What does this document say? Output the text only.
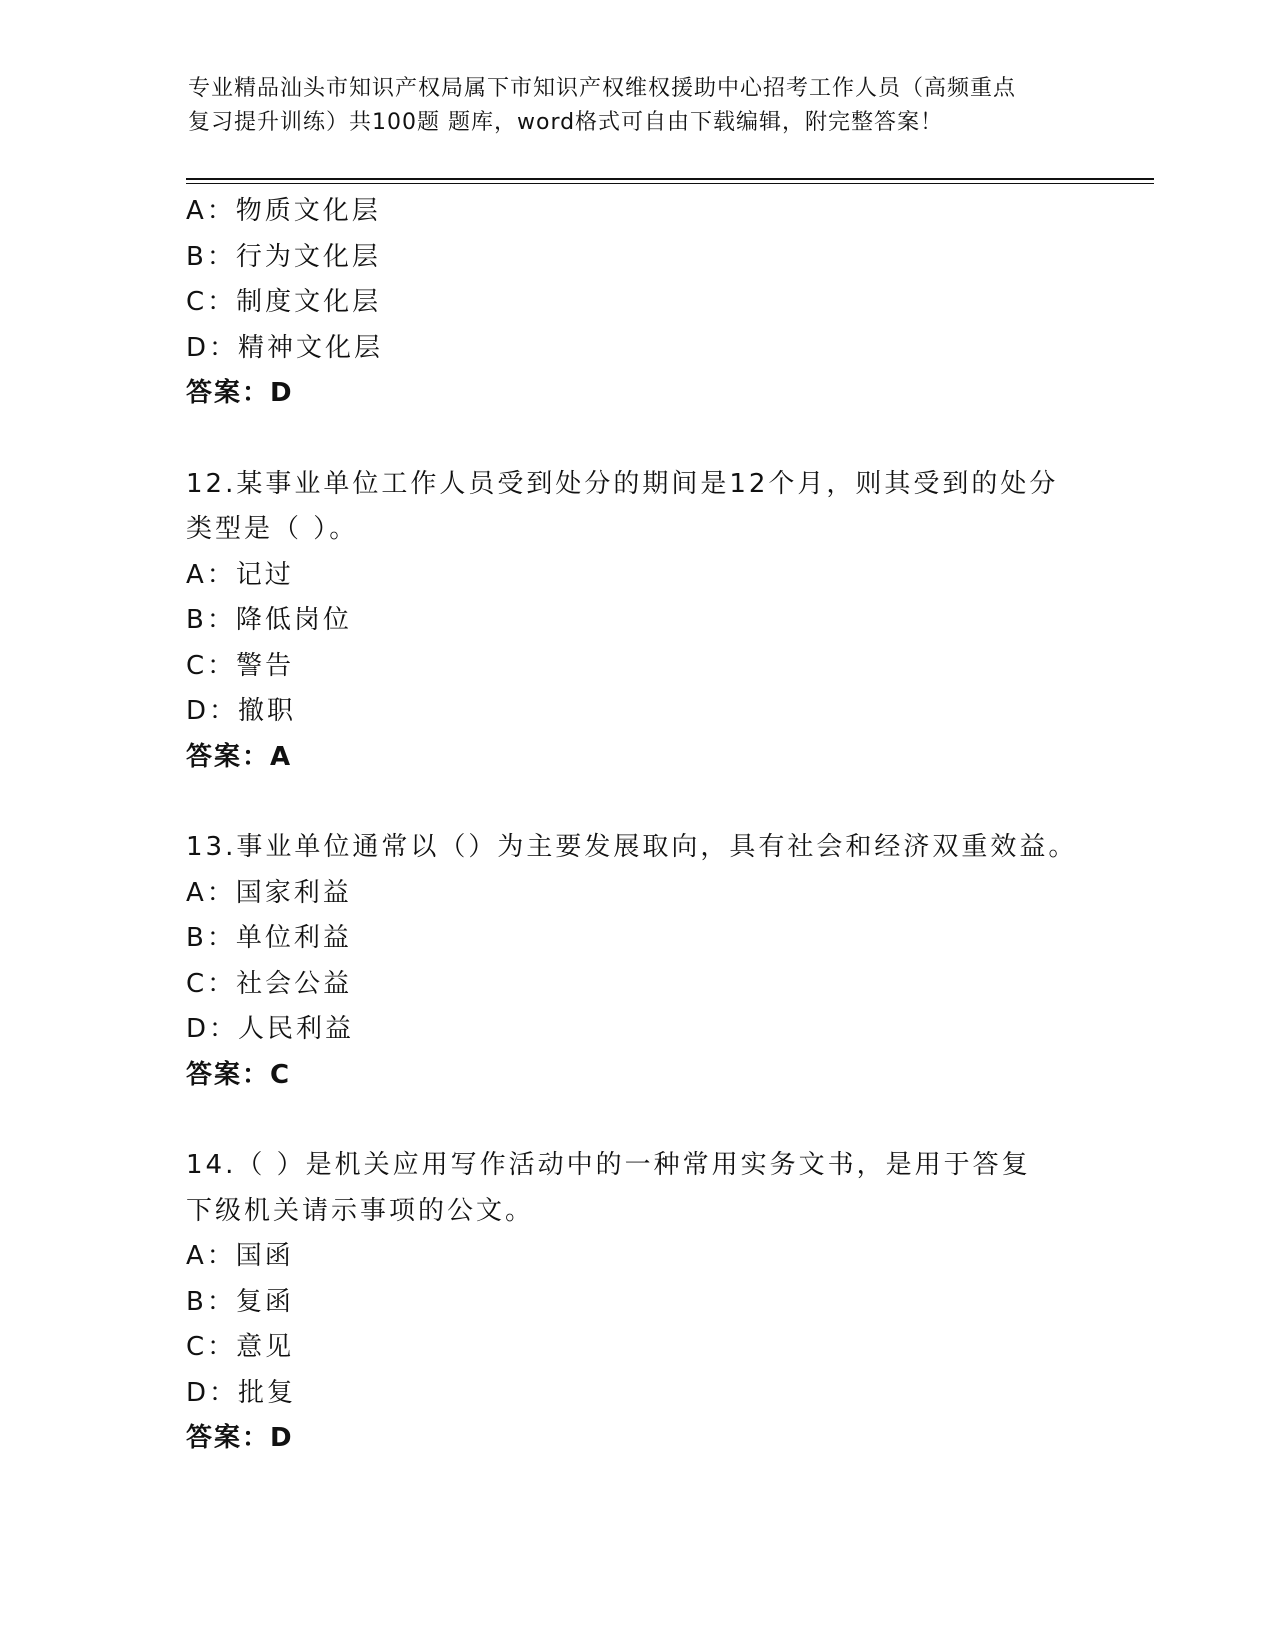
专业精品汕头市知识产权局属下市知识产权维权援助中心招考工作人员（高频重点
复习提升训练）共100题 题库，word格式可自由下载编辑，附完整答案！
A：物质文化层
B：行为文化层
C：制度文化层
D：精神文化层
答案：D
12.某事业单位工作人员受到处分的期间是12个月，则其受到的处分
类型是（ ）。
A：记过
B：降低岗位
C：警告
D：撤职
答案：A
13.事业单位通常以（）为主要发展取向，具有社会和经济双重效益。
A：国家利益
B：单位利益
C：社会公益
D：人民利益
答案：C
14.（ ）是机关应用写作活动中的一种常用实务文书，是用于答复
下级机关请示事项的公文。
A：国函
B：复函
C：意见
D：批复
答案：D
